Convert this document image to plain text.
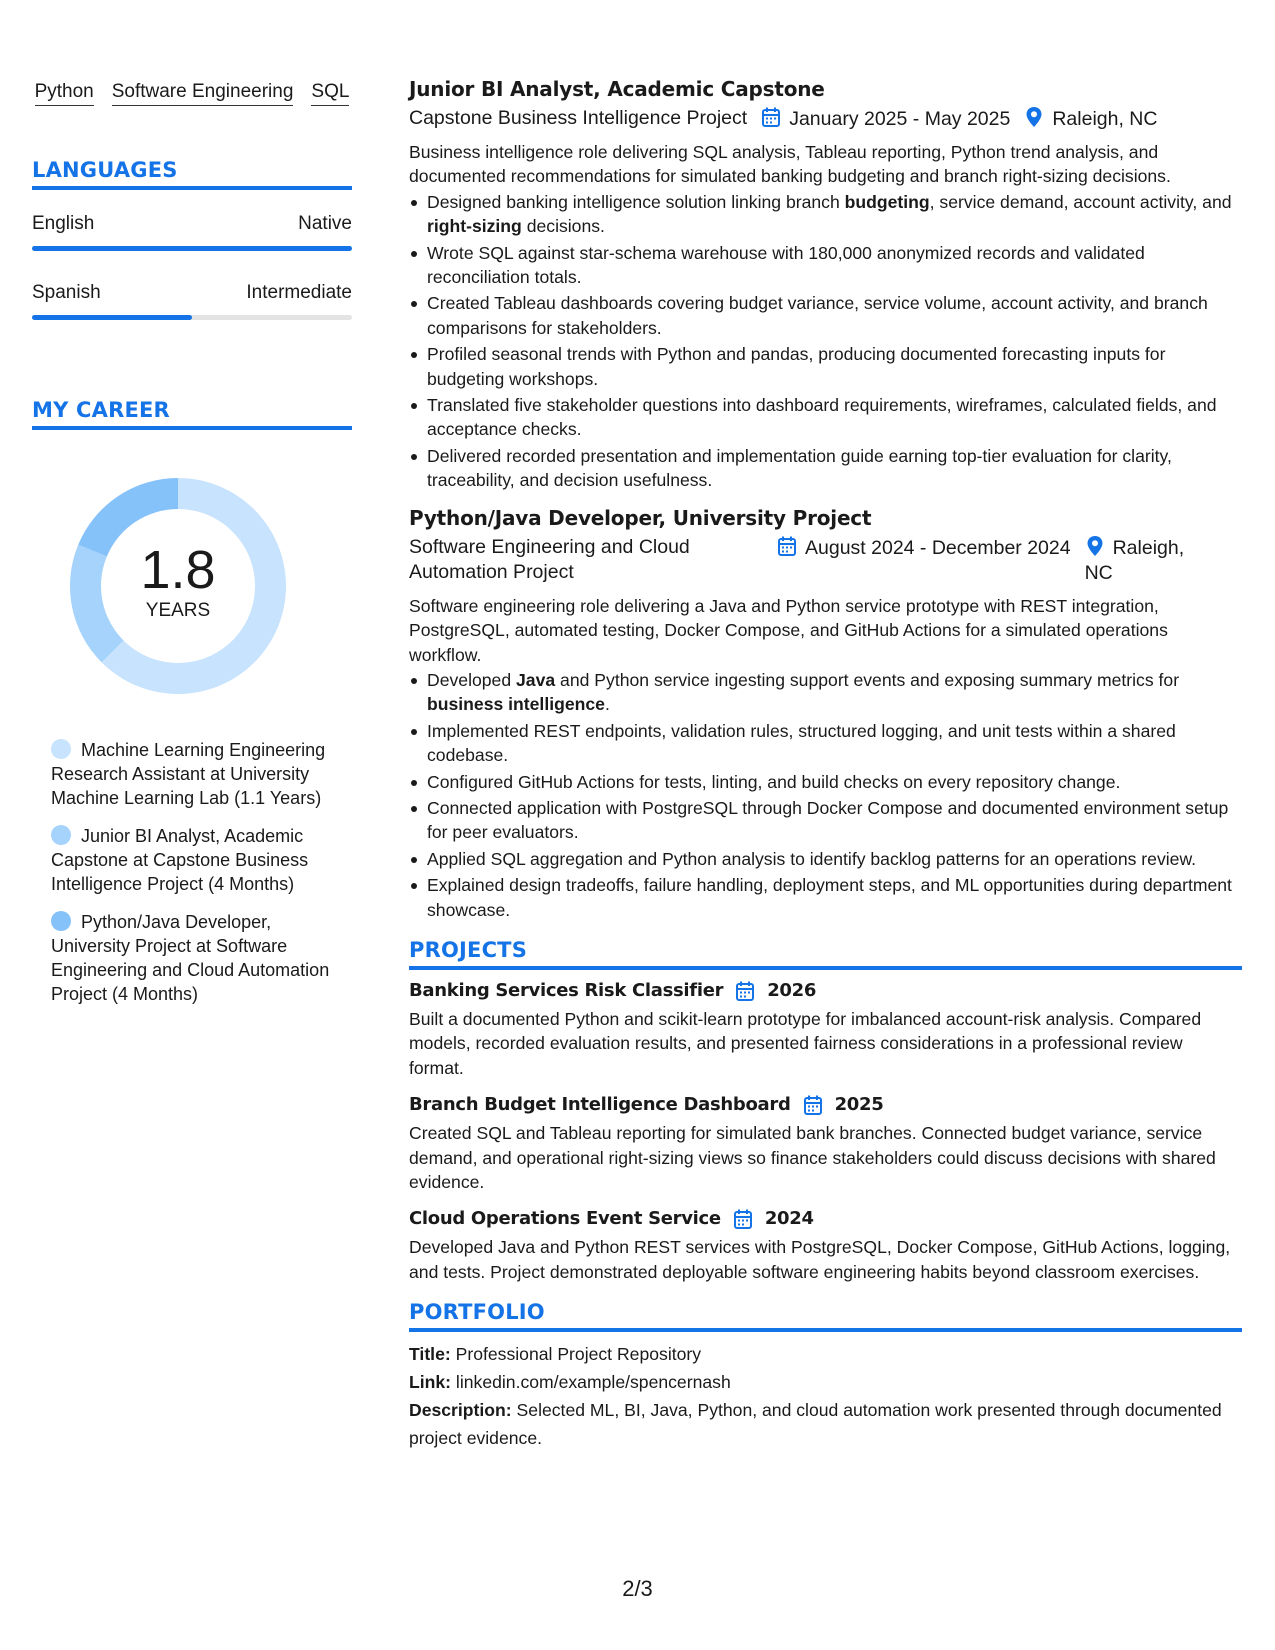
Python Software Engineering SQL
LANGUAGES
English	Native
Spanish	Intermediate
MY CAREER
1.8
YEARS
Machine Learning Engineering Research Assistant at University Machine Learning Lab (1.1 Years)
Junior BI Analyst, Academic Capstone at Capstone Business Intelligence Project (4 Months)
Python/Java Developer, University Project at Software Engineering and Cloud Automation Project (4 Months)
Junior BI Analyst, Academic Capstone
Capstone Business Intelligence Project	January 2025 - May 2025	Raleigh, NC
Business intelligence role delivering SQL analysis, Tableau reporting, Python trend analysis, and documented recommendations for simulated banking budgeting and branch right-sizing decisions.
Designed banking intelligence solution linking branch budgeting, service demand, account activity, and right-sizing decisions.
Wrote SQL against star-schema warehouse with 180,000 anonymized records and validated reconciliation totals.
Created Tableau dashboards covering budget variance, service volume, account activity, and branch comparisons for stakeholders.
Profiled seasonal trends with Python and pandas, producing documented forecasting inputs for budgeting workshops.
Translated five stakeholder questions into dashboard requirements, wireframes, calculated fields, and acceptance checks.
Delivered recorded presentation and implementation guide earning top-tier evaluation for clarity, traceability, and decision usefulness.
Python/Java Developer, University Project
Software Engineering and Cloud Automation Project
August 2024 - December 2024	Raleigh, NC
Software engineering role delivering a Java and Python service prototype with REST integration, PostgreSQL, automated testing, Docker Compose, and GitHub Actions for a simulated operations workflow.
Developed Java and Python service ingesting support events and exposing summary metrics for business intelligence.
Implemented REST endpoints, validation rules, structured logging, and unit tests within a shared codebase.
Configured GitHub Actions for tests, linting, and build checks on every repository change.
Connected application with PostgreSQL through Docker Compose and documented environment setup for peer evaluators.
Applied SQL aggregation and Python analysis to identify backlog patterns for an operations review.
Explained design tradeoffs, failure handling, deployment steps, and ML opportunities during department showcase.
PROJECTS
Banking Services Risk Classifier 2026
Built a documented Python and scikit-learn prototype for imbalanced account-risk analysis. Compared models, recorded evaluation results, and presented fairness considerations in a professional review format.
Branch Budget Intelligence Dashboard 2025
Created SQL and Tableau reporting for simulated bank branches. Connected budget variance, service demand, and operational right-sizing views so finance stakeholders could discuss decisions with shared evidence.
Cloud Operations Event Service 2024
Developed Java and Python REST services with PostgreSQL, Docker Compose, GitHub Actions, logging, and tests. Project demonstrated deployable software engineering habits beyond classroom exercises.
PORTFOLIO
Title: Professional Project Repository
Link: linkedin.com/example/spencernash
Description: Selected ML, BI, Java, Python, and cloud automation work presented through documented project evidence.
2/3
